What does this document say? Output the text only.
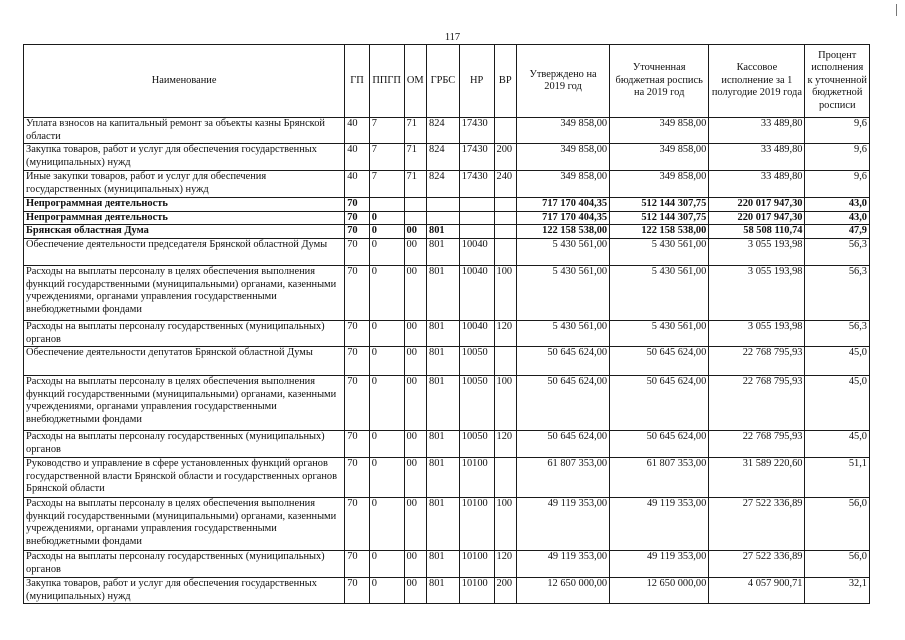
117
Наименование	ГП	ППГП	ОМ	ГРБС	НР	ВР	Утверждено на 2019 год	Уточненная бюджетная роспись на 2019 год	Кассовое исполнение за 1 полугодие 2019 года	Процент исполнения к уточненной бюджетной росписи
Уплата взносов на капитальный ремонт за объекты казны Брянской области	40	7	71	824	17430		349 858,00	349 858,00	33 489,80	9,6
Закупка товаров, работ и услуг для обеспечения государственных (муниципальных) нужд	40	7	71	824	17430	200	349 858,00	349 858,00	33 489,80	9,6
Иные закупки товаров, работ и услуг для обеспечения государственных (муниципальных) нужд	40	7	71	824	17430	240	349 858,00	349 858,00	33 489,80	9,6
Непрограммная деятельность	70						717 170 404,35	512 144 307,75	220 017 947,30	43,0
Непрограммная деятельность	70	0					717 170 404,35	512 144 307,75	220 017 947,30	43,0
Брянская областная Дума	70	0	00	801			122 158 538,00	122 158 538,00	58 508 110,74	47,9
Обеспечение деятельности председателя Брянской областной Думы	70	0	00	801	10040		5 430 561,00	5 430 561,00	3 055 193,98	56,3
Расходы на выплаты персоналу в целях обеспечения выполнения функций государственными (муниципальными) органами, казенными учреждениями, органами управления государственными внебюджетными фондами	70	0	00	801	10040	100	5 430 561,00	5 430 561,00	3 055 193,98	56,3
Расходы на выплаты персоналу государственных (муниципальных) органов	70	0	00	801	10040	120	5 430 561,00	5 430 561,00	3 055 193,98	56,3
Обеспечение деятельности депутатов Брянской областной Думы	70	0	00	801	10050		50 645 624,00	50 645 624,00	22 768 795,93	45,0
Расходы на выплаты персоналу в целях обеспечения выполнения функций государственными (муниципальными) органами, казенными учреждениями, органами управления государственными внебюджетными фондами	70	0	00	801	10050	100	50 645 624,00	50 645 624,00	22 768 795,93	45,0
Расходы на выплаты персоналу государственных (муниципальных) органов	70	0	00	801	10050	120	50 645 624,00	50 645 624,00	22 768 795,93	45,0
Руководство и управление в сфере установленных функций органов государственной власти Брянской области и государственных органов Брянской области	70	0	00	801	10100		61 807 353,00	61 807 353,00	31 589 220,60	51,1
Расходы на выплаты персоналу в целях обеспечения выполнения функций государственными (муниципальными) органами, казенными учреждениями, органами управления государственными внебюджетными фондами	70	0	00	801	10100	100	49 119 353,00	49 119 353,00	27 522 336,89	56,0
Расходы на выплаты персоналу государственных (муниципальных) органов	70	0	00	801	10100	120	49 119 353,00	49 119 353,00	27 522 336,89	56,0
Закупка товаров, работ и услуг для обеспечения государственных (муниципальных) нужд	70	0	00	801	10100	200	12 650 000,00	12 650 000,00	4 057 900,71	32,1
